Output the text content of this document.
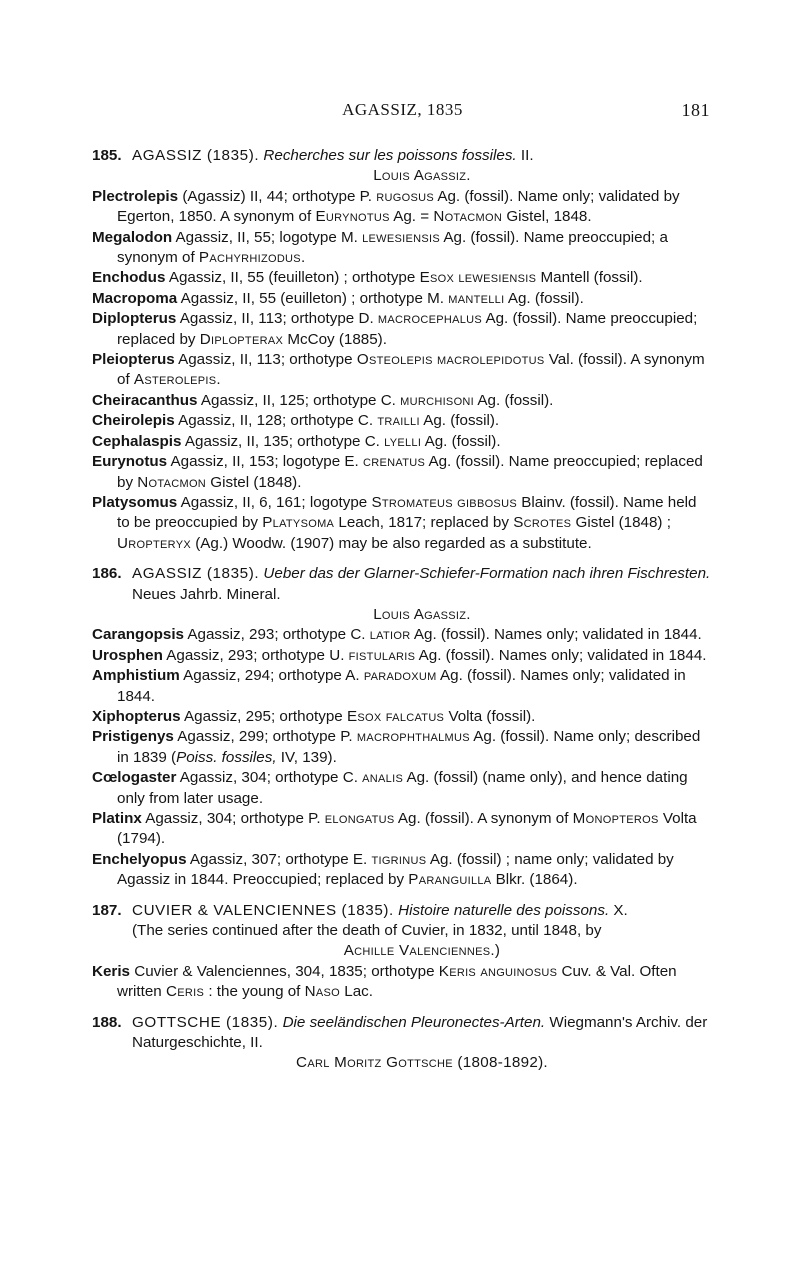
AGASSIZ, 1835	181
185. AGASSIZ (1835). Recherches sur les poissons fossiles. II.
Louis Agassiz.

Plectrolepis (Agassiz) II, 44; orthotype P. rugosus Ag. (fossil). Name only; validated by Egerton, 1850. A synonym of Eurynotus Ag. = Notacmon Gistel, 1848.

Megalodon Agassiz, II, 55; logotype M. lewesiensis Ag. (fossil). Name preoccupied; a synonym of Pachyrhizodus.

Enchodus Agassiz, II, 55 (feuilleton) ; orthotype Esox lewesiensis Mantell (fossil).

Macropoma Agassiz, II, 55 (euilleton) ; orthotype M. mantelli Ag. (fossil).

Diplopterus Agassiz, II, 113; orthotype D. macrocephalus Ag. (fossil). Name preoccupied; replaced by Diplopterax McCoy (1885).

Pleiopterus Agassiz, II, 113; orthotype Osteolepis macrolepidotus Val. (fossil). A synonym of Asterolepis.

Cheiracanthus Agassiz, II, 125; orthotype C. murchisoni Ag. (fossil).

Cheirolepis Agassiz, II, 128; orthotype C. trailli Ag. (fossil).

Cephalaspis Agassiz, II, 135; orthotype C. lyelli Ag. (fossil).

Eurynotus Agassiz, II, 153; logotype E. crenatus Ag. (fossil). Name preoccupied; replaced by Notacmon Gistel (1848).

Platysomus Agassiz, II, 6, 161; logotype Stromateus gibbosus Blainv. (fossil). Name held to be preoccupied by Platysoma Leach, 1817; replaced by Scrotes Gistel (1848) ; Uropteryx (Ag.) Woodw. (1907) may be also regarded as a substitute.

186. AGASSIZ (1835). Ueber das der Glarner-Schiefer-Formation nach ihren Fischresten. Neues Jahrb. Mineral.
Louis Agassiz.

Carangopsis Agassiz, 293; orthotype C. latior Ag. (fossil). Names only; validated in 1844.

Urosphen Agassiz, 293; orthotype U. fistularis Ag. (fossil). Names only; validated in 1844.

Amphistium Agassiz, 294; orthotype A. paradoxum Ag. (fossil). Names only; validated in 1844.

Xiphopterus Agassiz, 295; orthotype Esox falcatus Volta (fossil).

Pristigenys Agassiz, 299; orthotype P. macrophthalmus Ag. (fossil). Name only; described in 1839 (Poiss. fossiles, IV, 139).

Cœlogaster Agassiz, 304; orthotype C. analis Ag. (fossil) (name only), and hence dating only from later usage.

Platinx Agassiz, 304; orthotype P. elongatus Ag. (fossil). A synonym of Monopteros Volta (1794).

Enchelyopus Agassiz, 307; orthotype E. tigrinus Ag. (fossil) ; name only; validated by Agassiz in 1844. Preoccupied; replaced by Paranguilla Blkr. (1864).

187. CUVIER & VALENCIENNES (1835). Histoire naturelle des poissons. X.
(The series continued after the death of Cuvier, in 1832, until 1848, by
Achille Valenciennes.)

Keris Cuvier & Valenciennes, 304, 1835; orthotype Keris anguinosus Cuv. & Val. Often written Ceris : the young of Naso Lac.

188. GOTTSCHE (1835). Die seeländischen Pleuronectes-Arten. Wiegmann's Archiv. der Naturgeschichte, II.
Carl Moritz Gottsche (1808-1892).
